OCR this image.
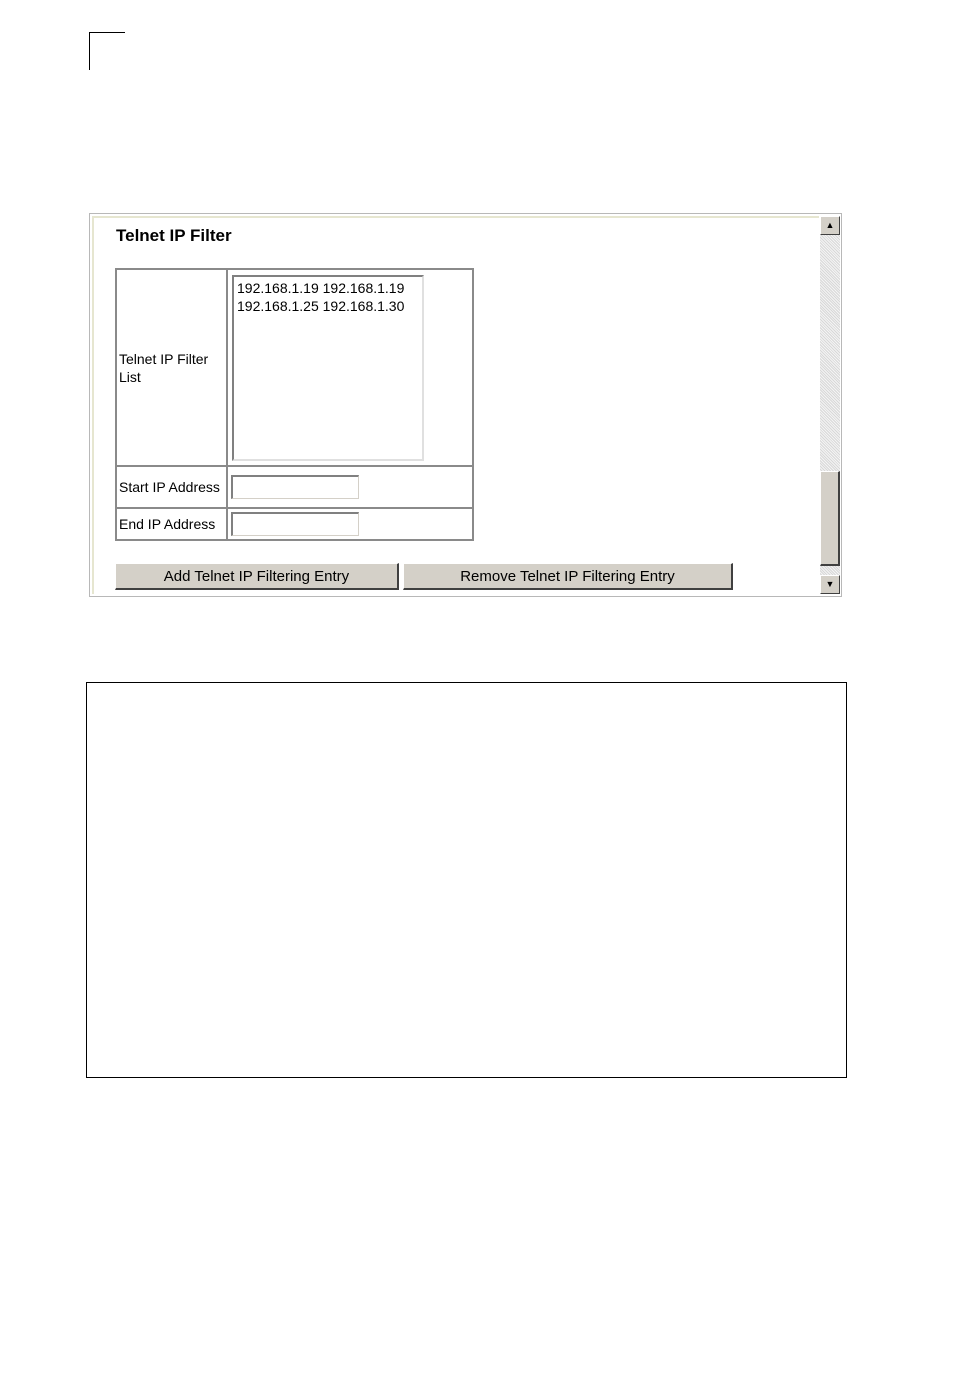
Telnet IP Filter
Telnet IP Filter List	192.168.1.19 192.168.1.19
192.168.1.25 192.168.1.30

Start IP Address	
End IP Address	
Add Telnet IP Filtering Entry	Remove Telnet IP Filtering Entry
▲
▼
